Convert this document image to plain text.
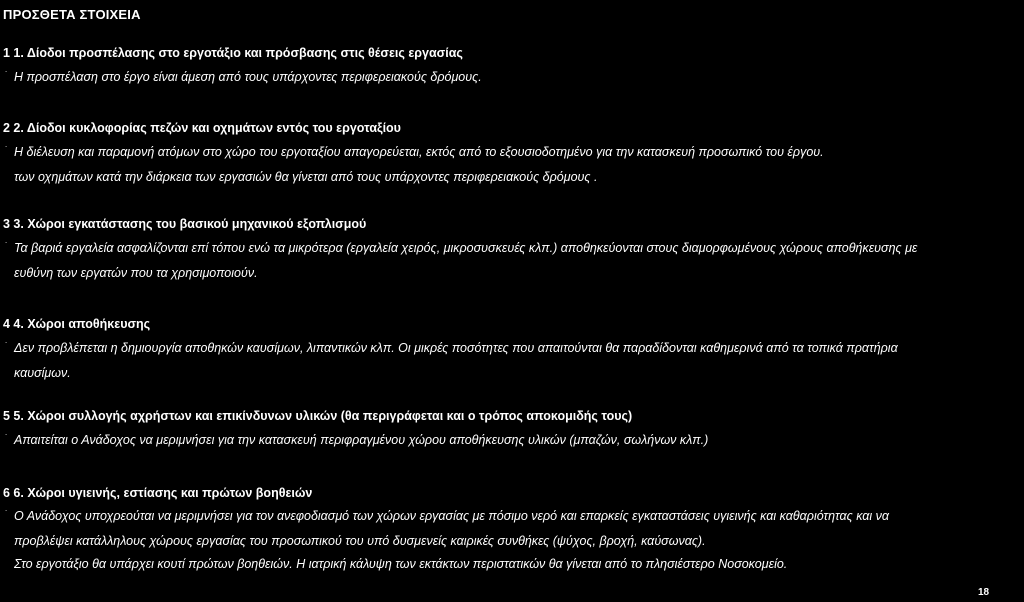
ΠΡΟΣΘΕΤΑ ΣΤΟΙΧΕΙΑ
1 1. Δίοδοι προσπέλασης στο εργοτάξιο και πρόσβασης στις θέσεις εργασίας
˙ Η προσπέλαση στο έργο είναι άμεση από τους υπάρχοντες περιφερειακούς δρόμους.
2 2. Δίοδοι κυκλοφορίας πεζών και οχημάτων εντός του εργοταξίου
˙ Η διέλευση και παραμονή ατόμων στο χώρο του εργοταξίου απαγορεύεται, εκτός από το εξουσιοδοτημένο για την κατασκευή προσωπικό του έργου.
των οχημάτων κατά την διάρκεια των εργασιών θα γίνεται από τους υπάρχοντες περιφερειακούς δρόμους .
3 3. Χώροι εγκατάστασης του βασικού μηχανικού εξοπλισμού
˙ Τα βαριά εργαλεία ασφαλίζονται επί τόπου ενώ τα μικρότερα (εργαλεία χειρός, μικροσυσκευές κλπ.) αποθηκεύονται στους διαμορφωμένους χώρους αποθήκευσης με
ευθύνη των εργατών που τα χρησιμοποιούν.
4 4. Χώροι αποθήκευσης
˙ Δεν προβλέπεται η δημιουργία αποθηκών καυσίμων, λιπαντικών κλπ. Οι μικρές ποσότητες που απαιτούνται θα παραδίδονται καθημερινά από τα τοπικά πρατήρια
καυσίμων.
5 5. Χώροι συλλογής αχρήστων και επικίνδυνων υλικών (θα περιγράφεται και ο τρόπος αποκομιδής τους)
˙ Απαιτείται ο Ανάδοχος να μεριμνήσει για την κατασκευή περιφραγμένου χώρου αποθήκευσης υλικών (μπαζών, σωλήνων κλπ.)
6 6. Χώροι υγιεινής, εστίασης και πρώτων βοηθειών
˙ Ο Ανάδοχος υποχρεούται να μεριμνήσει για τον ανεφοδιασμό των χώρων εργασίας με πόσιμο νερό και επαρκείς εγκαταστάσεις υγιεινής και καθαριότητας και να
προβλέψει κατάλληλους χώρους εργασίας του προσωπικού του υπό δυσμενείς καιρικές συνθήκες (ψύχος, βροχή, καύσωνας).
Στο εργοτάξιο θα υπάρχει κουτί πρώτων βοηθειών. Η ιατρική κάλυψη των εκτάκτων περιστατικών θα γίνεται από το πλησιέστερο Νοσοκομείο.
18
